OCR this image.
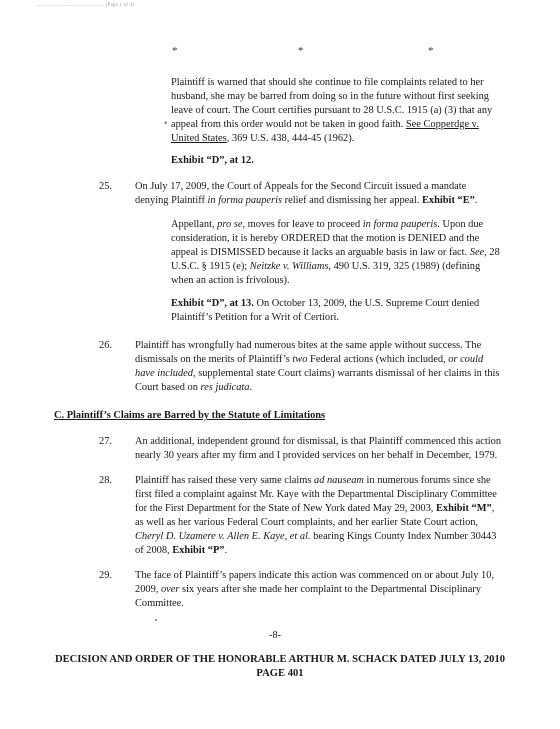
............................................... (Page 1 of 4)
*	*	*
Plaintiff is warned that should she continue to file complaints related to her husband, she may be barred from doing so in the future without first seeking leave of court. The Court certifies pursuant to 28 U.S.C. 1915 (a) (3) that any appeal from this order would not be taken in good faith. See Copperdge v. United States, 369 U.S. 438, 444-45 (1962).
•
Exhibit “D”, at 12.
25. On July 17, 2009, the Court of Appeals for the Second Circuit issued a mandate denying Plaintiff in forma pauperis relief and dismissing her appeal. Exhibit “E”.
Appellant, pro se, moves for leave to proceed in forma pauperis. Upon due consideration, it is hereby ORDERED that the motion is DENIED and the appeal is DISMISSED because it lacks an arguable basis in law or fact. See, 28 U.S.C. § 1915 (e); Neitzke v. Williams, 490 U.S. 319, 325 (1989) (defining when an action is frivolous).
Exhibit “D”, at 13. On October 13, 2009, the U.S. Supreme Court denied Plaintiff’s Petition for a Writ of Certiori.
26. Plaintiff has wrongfully had numerous bites at the same apple without success. The dismissals on the merits of Plaintiff’s two Federal actions (which included, or could have included, supplemental state Court claims) warrants dismissal of her claims in this Court based on res judicata.
C. Plaintiff’s Claims are Barred by the Statute of Limitations
27. An additional, independent ground for dismissal, is that Plaintiff commenced this action nearly 30 years after my firm and I provided services on her behalf in December, 1979.
28. Plaintiff has raised these very same claims ad nauseam in numerous forums since she first filed a complaint against Mr. Kaye with the Departmental Disciplinary Committee for the First Department for the State of New York dated May 29, 2003, Exhibit “M”, as well as her various Federal Court complaints, and her earlier State Court action, Cheryl D. Uzamere v. Allen E. Kaye, et al. bearing Kings County Index Number 30443 of 2008, Exhibit “P”.
29. The face of Plaintiff’s papers indicate this action was commenced on or about July 10, 2009, over six years after she made her complaint to the Departmental Disciplinary Committee.
-8-
DECISION AND ORDER OF THE HONORABLE ARTHUR M. SCHACK DATED JULY 13, 2010
PAGE 401
